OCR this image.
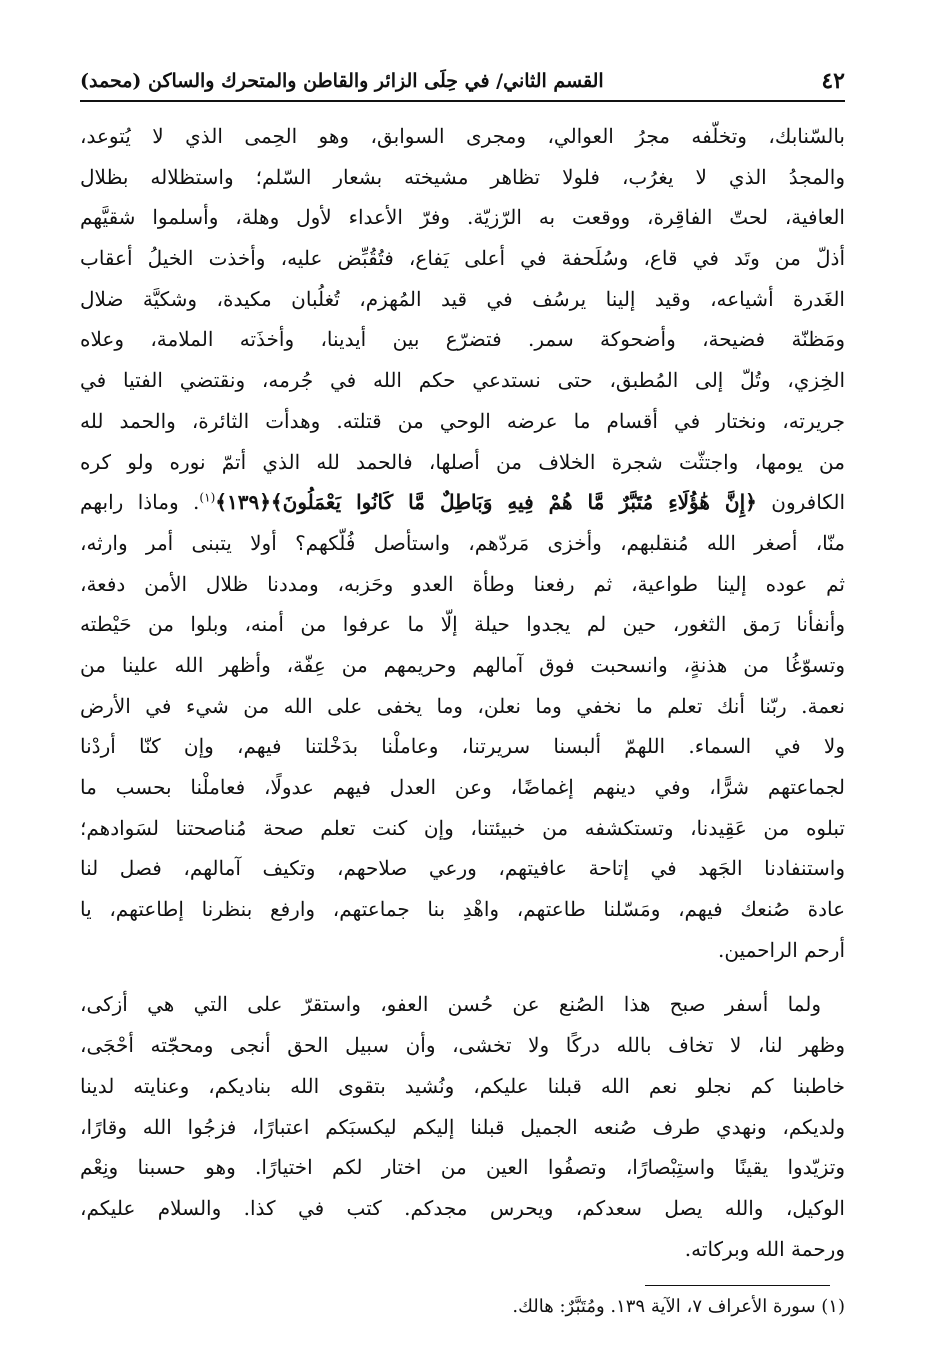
٤٢
القسم الثاني/ في حِلَى الزائر والقاطن والمتحرك والساكن (محمد)
بالسّنابك، وتخلّفه مجرُ العوالي، ومجرى السوابق، وهو الحِمى الذي لا يُتوعد،
والمجدُ الذي لا يغرُب، فلولا تظاهر مشيخته بشعار السّلم؛ واستظلاله بظلال
العافية، لحتّ الفاقِرة، ووقعت به الرّزيّة. وفرّ الأعداء لأول وهلة، وأسلموا شقيَّهم
أذلّ من وتَد في قاع، وسُلَحفة في أعلى يَفاع، فتُقُبِّض عليه، وأخذت الخيلُ أعقاب
الغَدرة أشياعه، وقيد إلينا يرسُف في قيد المُهزم، تُغلُبان مكيدة، وشكيَّة ضلال
ومَظنّة فضيحة، وأضحوكة سمر. فتضرّع بين أيدينا، وأخذَته الملامة، وعلاه
الخِزي، وتُلّ إلى المُطبق، حتى نستدعي حكم الله في جُرمه، ونقتضي الفتيا في
جريرته، ونختار في أقسام ما عرضه الوحي من قتلته. وهدأت الثائرة، والحمد لله
من يومها، واجتثّت شجرة الخلاف من أصلها، فالحمد لله الذي أتمّ نوره ولو كره
الكافرون ﴿إِنَّ هَٰؤُلَاءِ مُتَبَّرٌ مَّا هُمْ فِيهِ وَبَاطِلٌ مَّا كَانُوا يَعْمَلُونَ﴾﴿١٣٩﴾$^{(١)}$. وماذا رابهم
منّا، أصغر الله مُنقلبهم، وأخزى مَردّهم، واستأصل فُلّكهم؟ أولا يتبنى أمر وارثه،
ثم عوده إلينا طواعية، ثم رفعنا وطأة العدو وحَزبه، ومددنا ظلال الأمن دفعة،
وأنفأنا رَمق الثغور، حين لم يجدوا حيلة إلّا ما عرفوا من أمنه، وبلوا من حَيْطته
وتسوّغُا من هذنةٍ، وانسحبت فوق آمالهم وحريمهم من عِفّة، وأظهر الله علينا من
نعمة. ربّنا أنك تعلم ما نخفي وما نعلن، وما يخفى على الله من شيء في الأرض
ولا في السماء. اللهمّ ألبسنا سريرتنا، وعاملْنا بدَخْلتنا فيهم، وإن كنّا أردْنا
لجماعتهم شرًّا، وفي دينهم إغماضًا، وعن العدل فيهم عدولًا، فعاملْنا بحسب ما
تبلوه من عَقِيدنا، وتستكشفه من خبيئتنا، وإن كنت تعلم صحة مُناصحتنا لسَوادهم؛
واستنفادنا الجَهد في إتاحة عافيتهم، ورعي صلاحهم، وتكيف آمالهم، فصل لنا
عادة صُنعك فيهم، ومَسّلنا طاعتهم، واهْدِ بنا جماعتهم، وارفع بنظرنا إطاعتهم، يا
أرحم الراحمين.
ولما أسفر صبح هذا الصُنع عن حُسن العفو، واستقرّ على التي هي أزكى،
وظهر لنا، لا تخاف بالله دركًا ولا تخشى، وأن سبيل الحق أنجى ومحجّته أحْجَى،
خاطبنا كم نجلو نعم الله قبلنا عليكم، ونُشيد بتقوى الله بناديكم، وعنايته لدينا
ولديكم، ونهدي طرف صُنعه الجميل قبلنا إليكم ليكسبَكم اعتبارًا، فزجُوا الله وقارًا،
وتزيّدوا يقينًا واستِبْصارًا، وتصفُوا العين من اختار لكم اختيارًا. وهو حسبنا ونِعْم
الوكيل، والله يصل سعدكم، ويحرس مجدكم. كتب في كذا. والسلام عليكم،
ورحمة الله وبركاته.
(١) سورة الأعراف ٧، الآية ١٣٩. ومُتَبَّرٌ: هالك.
